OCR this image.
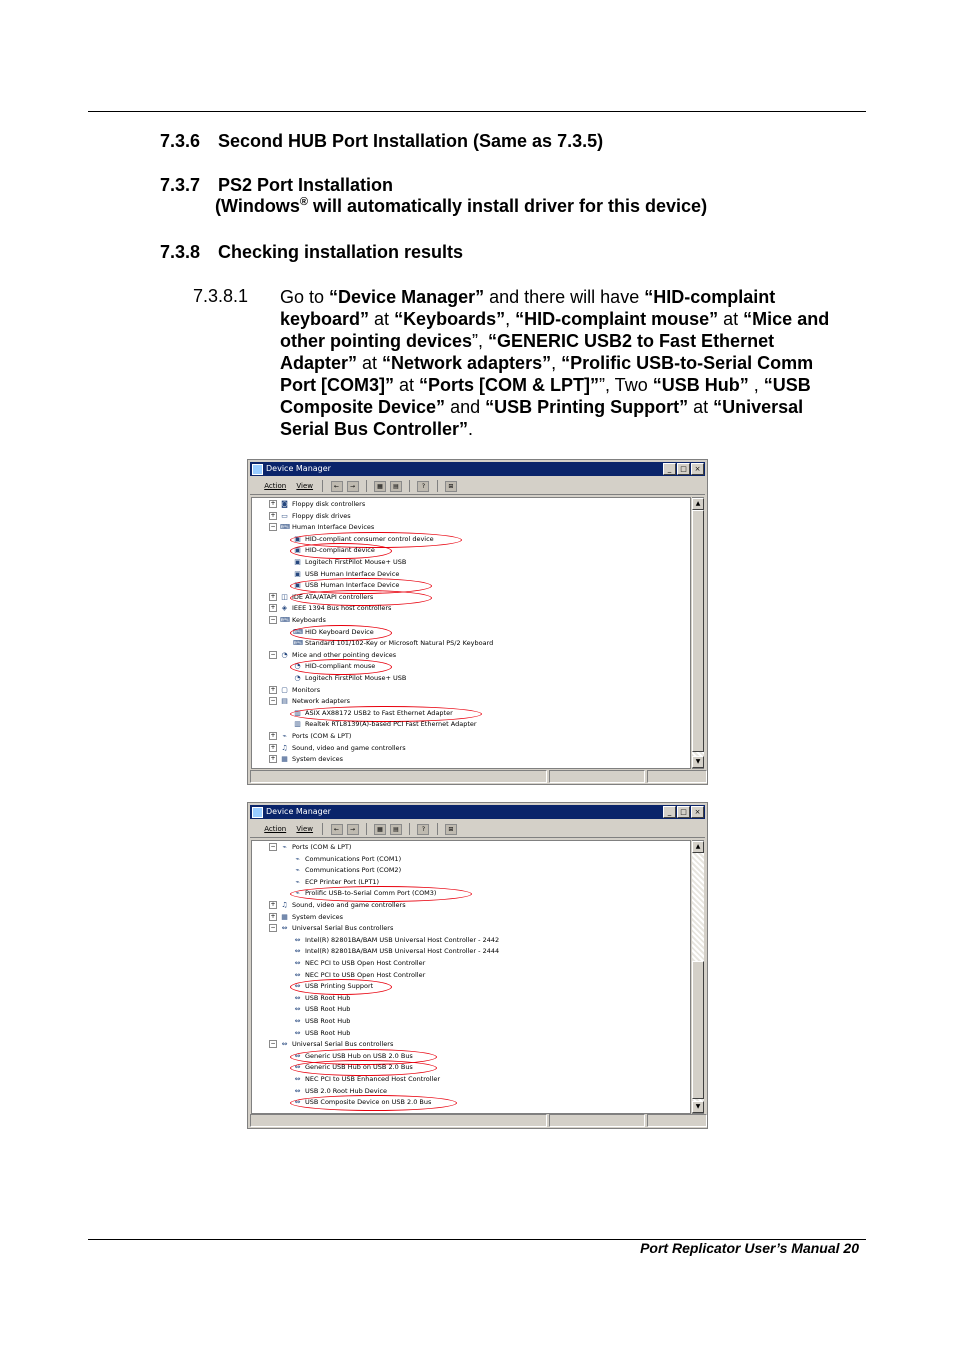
7.3.6 Second HUB Port Installation (Same as 7.3.5)
7.3.7 PS2 Port Installation
(Windows® will automatically install driver for this device)
7.3.8 Checking installation results
7.3.8.1 Go to “Device Manager” and there will have “HID-complaint keyboard” at “Keyboards”, “HID-complaint mouse” at “Mice and other pointing devices”, “GENERIC USB2 to Fast Ethernet Adapter” at “Network adapters”, “Prolific USB-to-Serial Comm Port [COM3]” at “Ports [COM & LPT]””, Two “USB Hub” , “USB Composite Device” and “USB Printing Support” at “Universal Serial Bus Controller”.
Device Manager	_ □ ×
Action View	← →	▦ ▤	?	⊞
+ ◙ Floppy disk controllers
+ ▭ Floppy disk drives
− ⌨ Human Interface Devices
▣ HID-compliant consumer control device
▣ HID-compliant device
▣ Logitech FirstPilot Mouse+ USB
▣ USB Human Interface Device
▣ USB Human Interface Device
+ ◫ IDE ATA/ATAPI controllers
+ ◈ IEEE 1394 Bus host controllers
− ⌨ Keyboards
⌨ HID Keyboard Device
⌨ Standard 101/102-Key or Microsoft Natural PS/2 Keyboard
− ◔ Mice and other pointing devices
◔ HID-compliant mouse
◔ Logitech FirstPilot Mouse+ USB
+ ▢ Monitors
− ▤ Network adapters
▥ ASIX AX88172 USB2 to Fast Ethernet Adapter
▥ Realtek RTL8139(A)-based PCI Fast Ethernet Adapter
+ ⌁ Ports (COM & LPT)
+ ♫ Sound, video and game controllers
+ ▦ System devices
▲
▼
Device Manager	_ □ ×
Action View	← →	▦ ▤	?	⊞
− ⌁ Ports (COM & LPT)
⌁ Communications Port (COM1)
⌁ Communications Port (COM2)
⌁ ECP Printer Port (LPT1)
⌁ Prolific USB-to-Serial Comm Port (COM3)
+ ♫ Sound, video and game controllers
+ ▦ System devices
− ⇔ Universal Serial Bus controllers
⇔ Intel(R) 82801BA/BAM USB Universal Host Controller - 2442
⇔ Intel(R) 82801BA/BAM USB Universal Host Controller - 2444
⇔ NEC PCI to USB Open Host Controller
⇔ NEC PCI to USB Open Host Controller
⇔ USB Printing Support
⇔ USB Root Hub
⇔ USB Root Hub
⇔ USB Root Hub
⇔ USB Root Hub
− ⇔ Universal Serial Bus controllers
⇔ Generic USB Hub on USB 2.0 Bus
⇔ Generic USB Hub on USB 2.0 Bus
⇔ NEC PCI to USB Enhanced Host Controller
⇔ USB 2.0 Root Hub Device
⇔ USB Composite Device on USB 2.0 Bus
▲
▼
Port Replicator User’s Manual 20
